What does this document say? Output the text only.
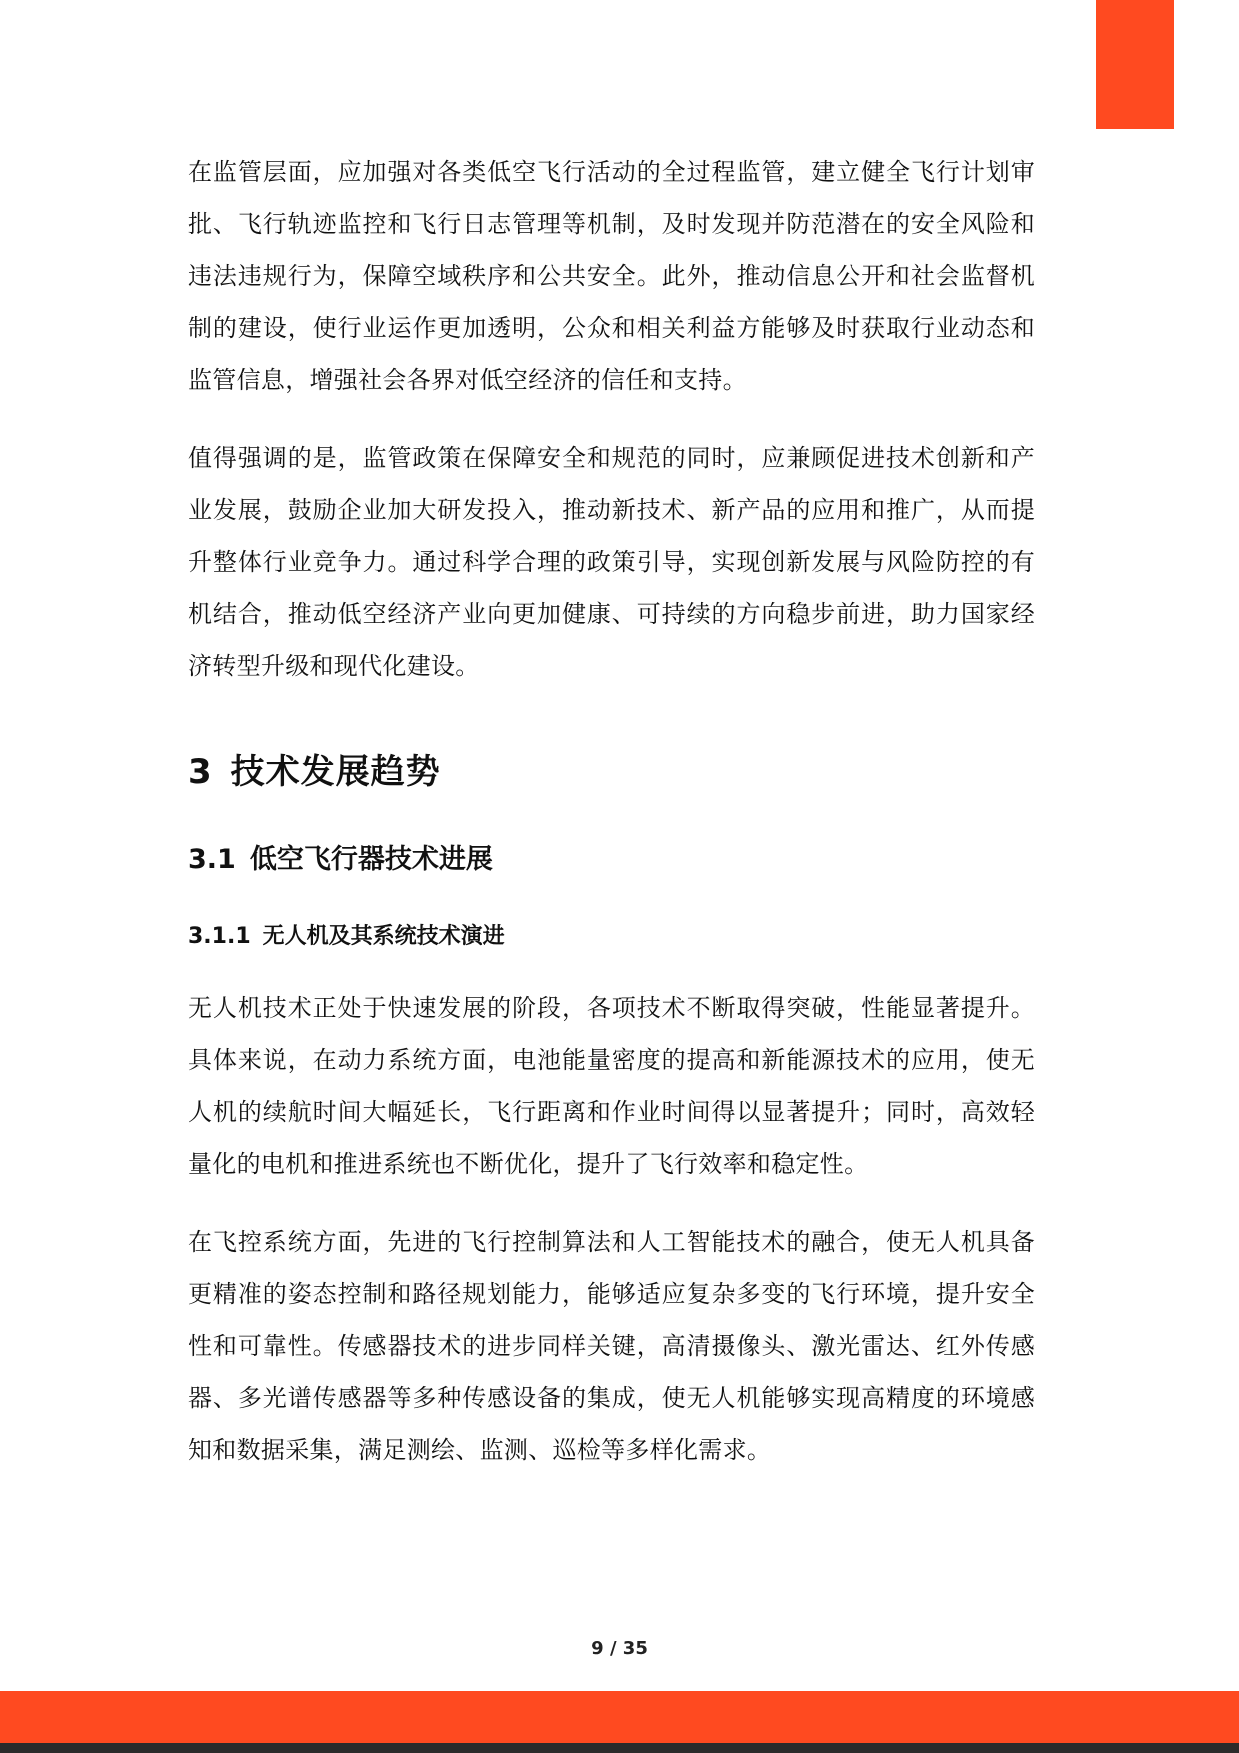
在监管层面，应加强对各类低空飞行活动的全过程监管，建立健全飞行计划审批、飞行轨迹监控和飞行日志管理等机制，及时发现并防范潜在的安全风险和违法违规行为，保障空域秩序和公共安全。此外，推动信息公开和社会监督机制的建设，使行业运作更加透明，公众和相关利益方能够及时获取行业动态和监管信息，增强社会各界对低空经济的信任和支持。

值得强调的是，监管政策在保障安全和规范的同时，应兼顾促进技术创新和产业发展，鼓励企业加大研发投入，推动新技术、新产品的应用和推广，从而提升整体行业竞争力。通过科学合理的政策引导，实现创新发展与风险防控的有机结合，推动低空经济产业向更加健康、可持续的方向稳步前进，助力国家经济转型升级和现代化建设。

3 技术发展趋势
3.1 低空飞行器技术进展
3.1.1 无人机及其系统技术演进

无人机技术正处于快速发展的阶段，各项技术不断取得突破，性能显著提升。具体来说，在动力系统方面，电池能量密度的提高和新能源技术的应用，使无人机的续航时间大幅延长，飞行距离和作业时间得以显著提升；同时，高效轻量化的电机和推进系统也不断优化，提升了飞行效率和稳定性。

在飞控系统方面，先进的飞行控制算法和人工智能技术的融合，使无人机具备更精准的姿态控制和路径规划能力，能够适应复杂多变的飞行环境，提升安全性和可靠性。传感器技术的进步同样关键，高清摄像头、激光雷达、红外传感器、多光谱传感器等多种传感设备的集成，使无人机能够实现高精度的环境感知和数据采集，满足测绘、监测、巡检等多样化需求。

9 / 35
